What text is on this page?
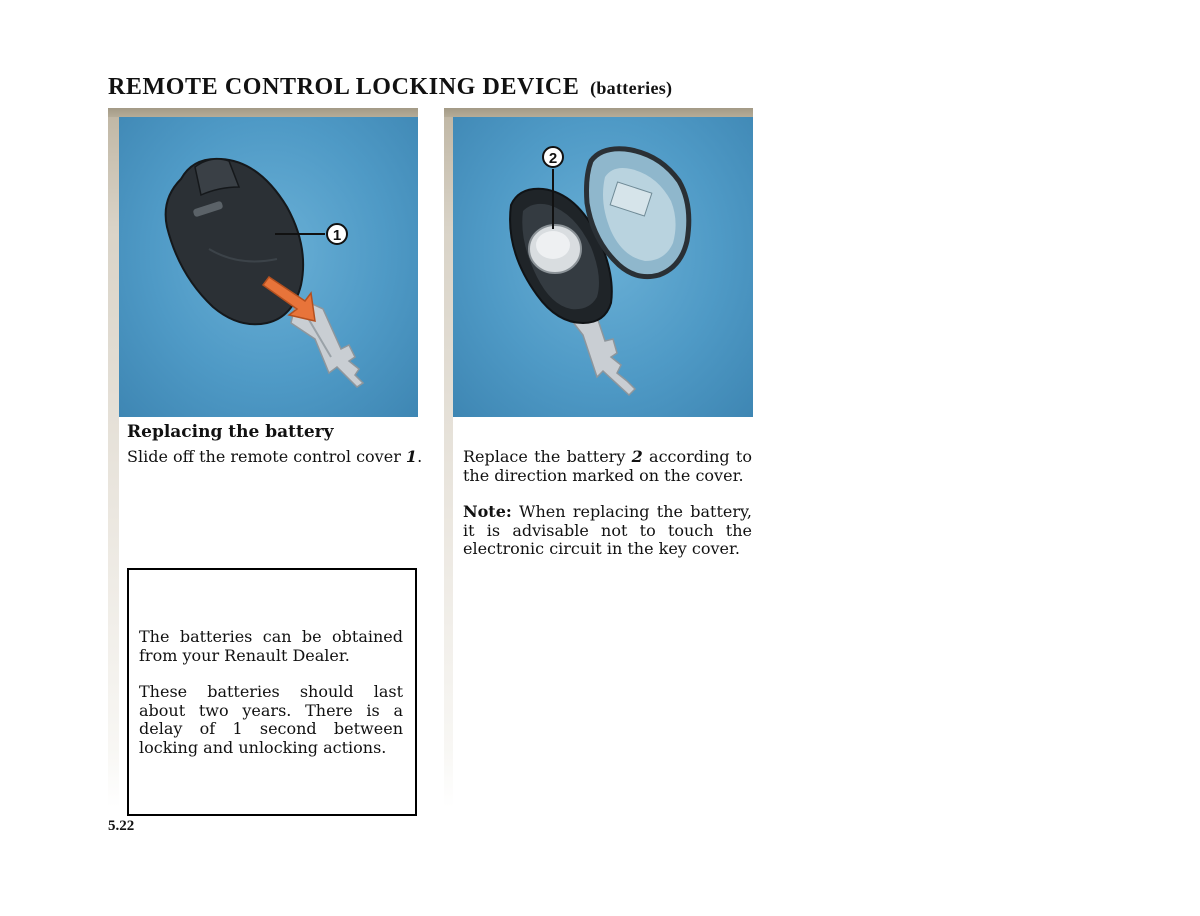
REMOTE CONTROL LOCKING DEVICE (batteries)
1
2
Replacing the battery

Slide off the remote control cover 1.	Replace the battery 2 according to the direction marked on the cover.

Note: When replacing the battery, it is advisable not to touch the electronic circuit in the key cover.

The batteries can be obtained from your Renault Dealer.

These batteries should last about two years. There is a delay of 1 second between locking and unlocking actions.

5.22
